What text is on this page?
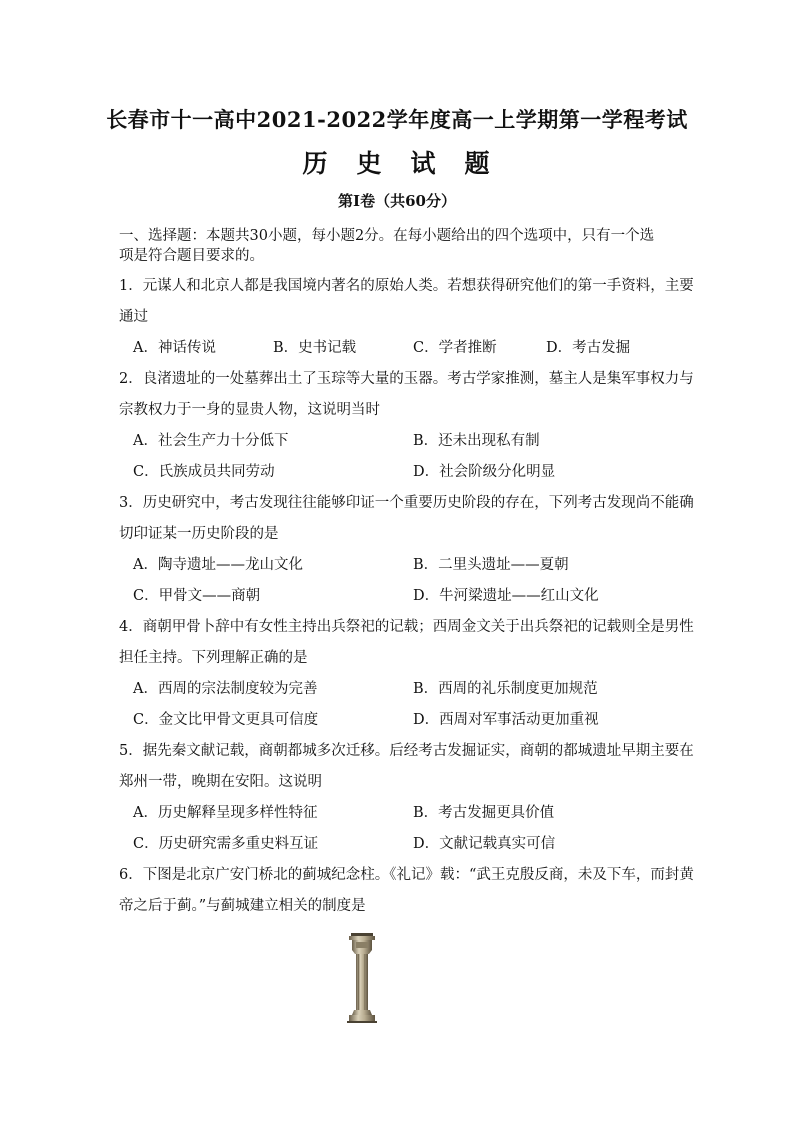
长春市十一高中2021-2022学年度高一上学期第一学程考试
历　史　试　题
第Ⅰ卷（共60分）
一、选择题：本题共30小题，每小题2分。在每小题给出的四个选项中，只有一个选
项是符合题目要求的。
1．元谋人和北京人都是我国境内著名的原始人类。若想获得研究他们的第一手资料，主要
通过
A．神话传说	B．史书记载	C．学者推断	D．考古发掘
2．良渚遗址的一处墓葬出土了玉琮等大量的玉器。考古学家推测，墓主人是集军事权力与
宗教权力于一身的显贵人物，这说明当时
A．社会生产力十分低下	B．还未出现私有制
C．氏族成员共同劳动	D．社会阶级分化明显
3．历史研究中，考古发现往往能够印证一个重要历史阶段的存在，下列考古发现尚不能确
切印证某一历史阶段的是
A．陶寺遗址——龙山文化	B．二里头遗址——夏朝
C．甲骨文——商朝	D．牛河梁遗址——红山文化
4．商朝甲骨卜辞中有女性主持出兵祭祀的记载；西周金文关于出兵祭祀的记载则全是男性
担任主持。下列理解正确的是
A．西周的宗法制度较为完善	B．西周的礼乐制度更加规范
C．金文比甲骨文更具可信度	D．西周对军事活动更加重视
5．据先秦文献记载，商朝都城多次迁移。后经考古发掘证实，商朝的都城遗址早期主要在
郑州一带，晚期在安阳。这说明
A．历史解释呈现多样性特征	B．考古发掘更具价值
C．历史研究需多重史料互证	D．文献记载真实可信
6．下图是北京广安门桥北的蓟城纪念柱。《礼记》载：“武王克殷反商，未及下车，而封黄
帝之后于蓟。”与蓟城建立相关的制度是
